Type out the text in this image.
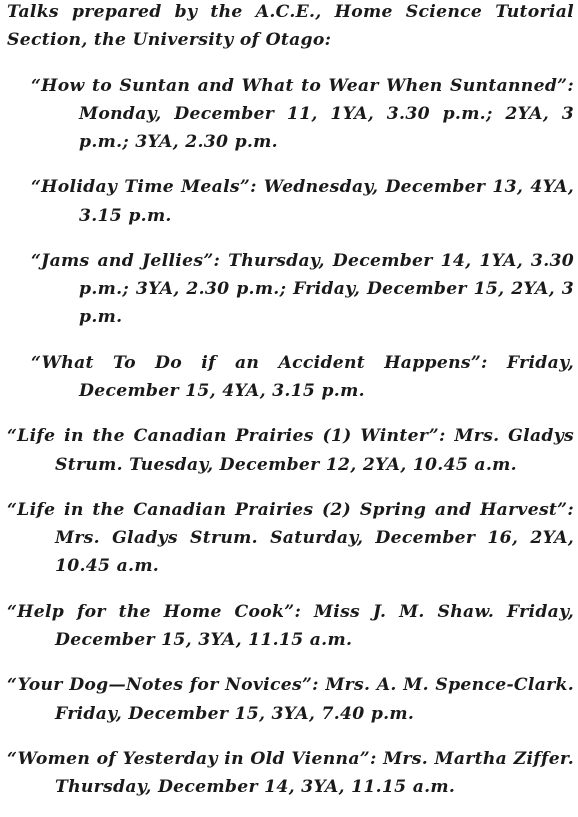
Talks prepared by the A.C.E., Home Science Tutorial Section, the University of Otago:

“How to Suntan and What to Wear When Suntanned”: Monday, December 11, 1YA, 3.30 p.m.; 2YA, 3 p.m.; 3YA, 2.30 p.m.

“Holiday Time Meals”: Wednesday, December 13, 4YA, 3.15 p.m.

“Jams and Jellies”: Thursday, December 14, 1YA, 3.30 p.m.; 3YA, 2.30 p.m.; Friday, December 15, 2YA, 3 p.m.

“What To Do if an Accident Happens”: Friday, December 15, 4YA, 3.15 p.m.

“Life in the Canadian Prairies (1) Winter”: Mrs. Gladys Strum. Tuesday, December 12, 2YA, 10.45 a.m.

“Life in the Canadian Prairies (2) Spring and Harvest”: Mrs. Gladys Strum. Saturday, December 16, 2YA, 10.45 a.m.

“Help for the Home Cook”: Miss J. M. Shaw. Friday, December 15, 3YA, 11.15 a.m.

“Your Dog—Notes for Novices”: Mrs. A. M. Spence-Clark. Friday, December 15, 3YA, 7.40 p.m.

“Women of Yesterday in Old Vienna”: Mrs. Martha Ziffer. Thursday, December 14, 3YA, 11.15 a.m.
